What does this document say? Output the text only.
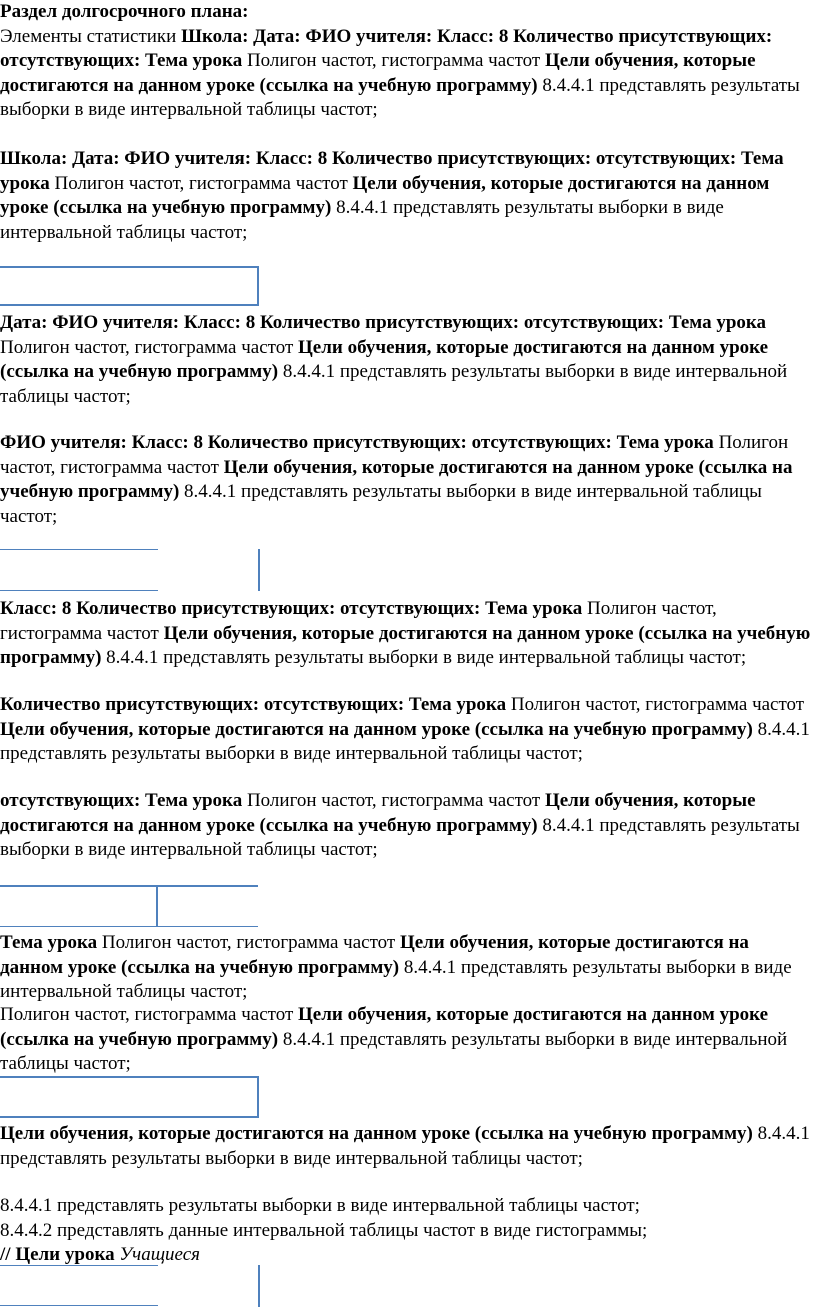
Раздел долгосрочного плана:
Элементы статистики Школа: Дата: ФИО учителя: Класс: 8 Количество присутствующих: отсутствующих: Тема урока Полигон частот, гистограмма частот Цели обучения, которые достигаются на данном уроке (ссылка на учебную программу) 8.4.4.1 представлять результаты выборки в виде интервальной таблицы частот;
Школа: Дата: ФИО учителя: Класс: 8 Количество присутствующих: отсутствующих: Тема урока Полигон частот, гистограмма частот Цели обучения, которые достигаются на данном уроке (ссылка на учебную программу) 8.4.4.1 представлять результаты выборки в виде интервальной таблицы частот;
Дата: ФИО учителя: Класс: 8 Количество присутствующих: отсутствующих: Тема урока Полигон частот, гистограмма частот Цели обучения, которые достигаются на данном уроке (ссылка на учебную программу) 8.4.4.1 представлять результаты выборки в виде интервальной таблицы частот;
ФИО учителя: Класс: 8 Количество присутствующих: отсутствующих: Тема урока Полигон частот, гистограмма частот Цели обучения, которые достигаются на данном уроке (ссылка на учебную программу) 8.4.4.1 представлять результаты выборки в виде интервальной таблицы частот;
Класс: 8 Количество присутствующих: отсутствующих: Тема урока Полигон частот, гистограмма частот Цели обучения, которые достигаются на данном уроке (ссылка на учебную программу) 8.4.4.1 представлять результаты выборки в виде интервальной таблицы частот;
Количество присутствующих: отсутствующих: Тема урока Полигон частот, гистограмма частот Цели обучения, которые достигаются на данном уроке (ссылка на учебную программу) 8.4.4.1 представлять результаты выборки в виде интервальной таблицы частот;
отсутствующих: Тема урока Полигон частот, гистограмма частот Цели обучения, которые достигаются на данном уроке (ссылка на учебную программу) 8.4.4.1 представлять результаты выборки в виде интервальной таблицы частот;
Тема урока Полигон частот, гистограмма частот Цели обучения, которые достигаются на данном уроке (ссылка на учебную программу) 8.4.4.1 представлять результаты выборки в виде интервальной таблицы частот;
Полигон частот, гистограмма частот Цели обучения, которые достигаются на данном уроке (ссылка на учебную программу) 8.4.4.1 представлять результаты выборки в виде интервальной таблицы частот;
Цели обучения, которые достигаются на данном уроке (ссылка на учебную программу) 8.4.4.1 представлять результаты выборки в виде интервальной таблицы частот;
8.4.4.1 представлять результаты выборки в виде интервальной таблицы частот;
8.4.4.2 представлять данные интервальной таблицы частот в виде гистограммы;
// Цели урока Учащиеся
